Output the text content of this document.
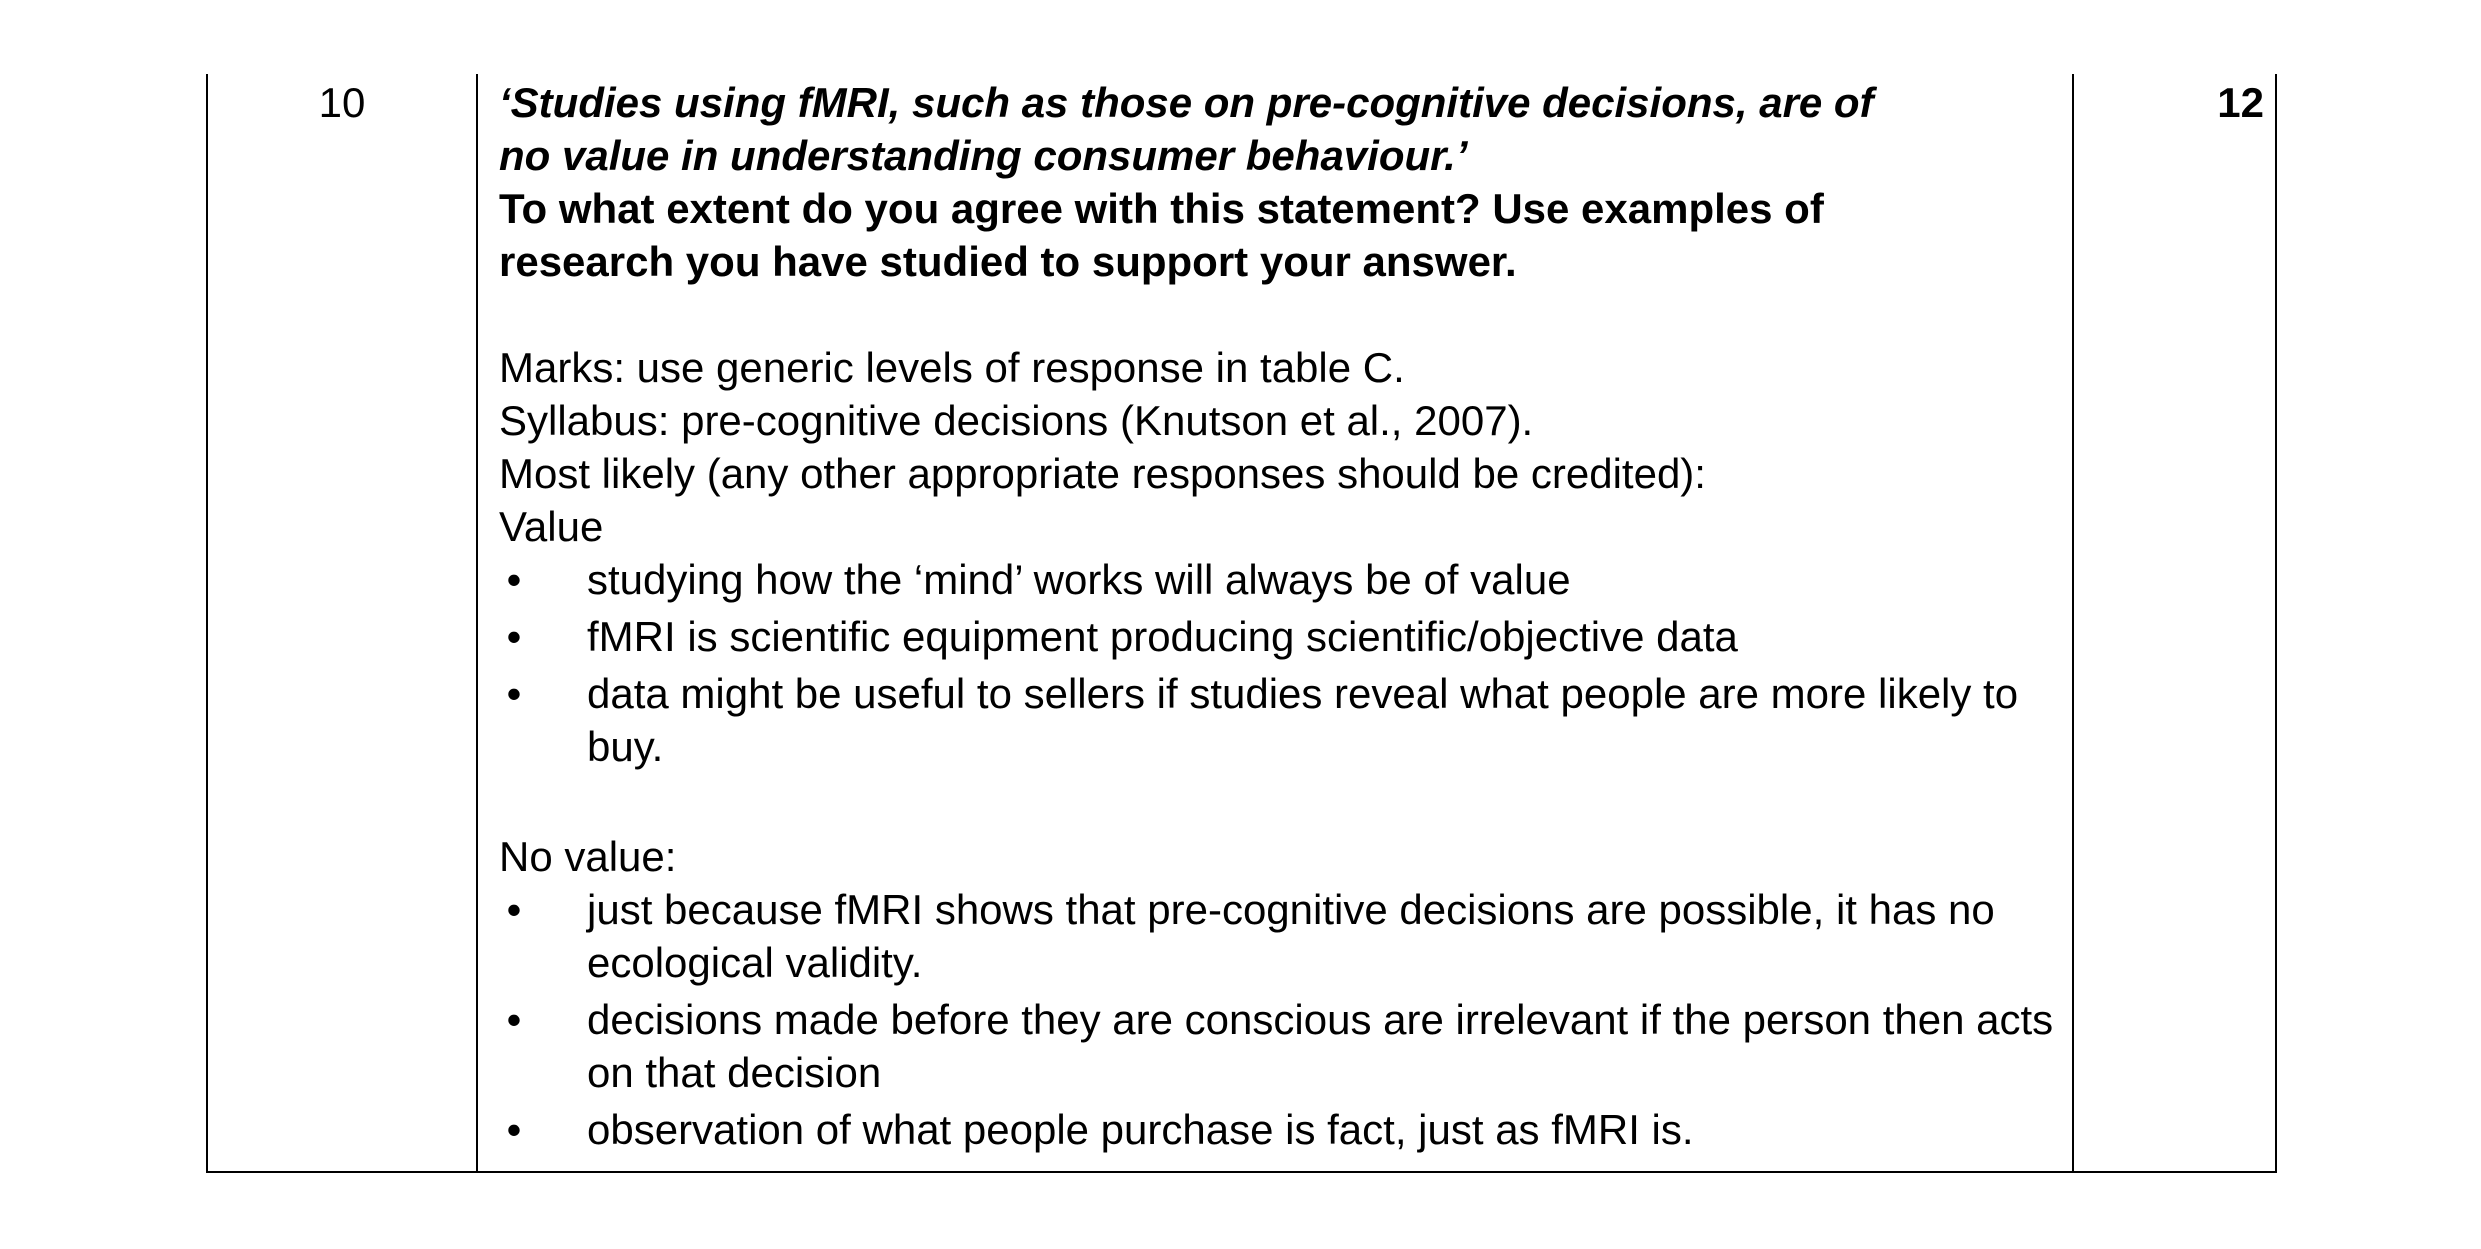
10	‘Studies using fMRI, such as those on pre-cognitive decisions, are of
no value in understanding consumer behaviour.’
To what extent do you agree with this statement? Use examples of
research you have studied to support your answer.
Marks: use generic levels of response in table C.
Syllabus: pre-cognitive decisions (Knutson et al., 2007).
Most likely (any other appropriate responses should be credited):
Value
• studying how the ‘mind’ works will always be of value
• fMRI is scientific equipment producing scientific/objective data
• data might be useful to sellers if studies reveal what people are more likely to buy.
No value:
• just because fMRI shows that pre-cognitive decisions are possible, it has no ecological validity.
• decisions made before they are conscious are irrelevant if the person then acts on that decision
• observation of what people purchase is fact, just as fMRI is.
12
